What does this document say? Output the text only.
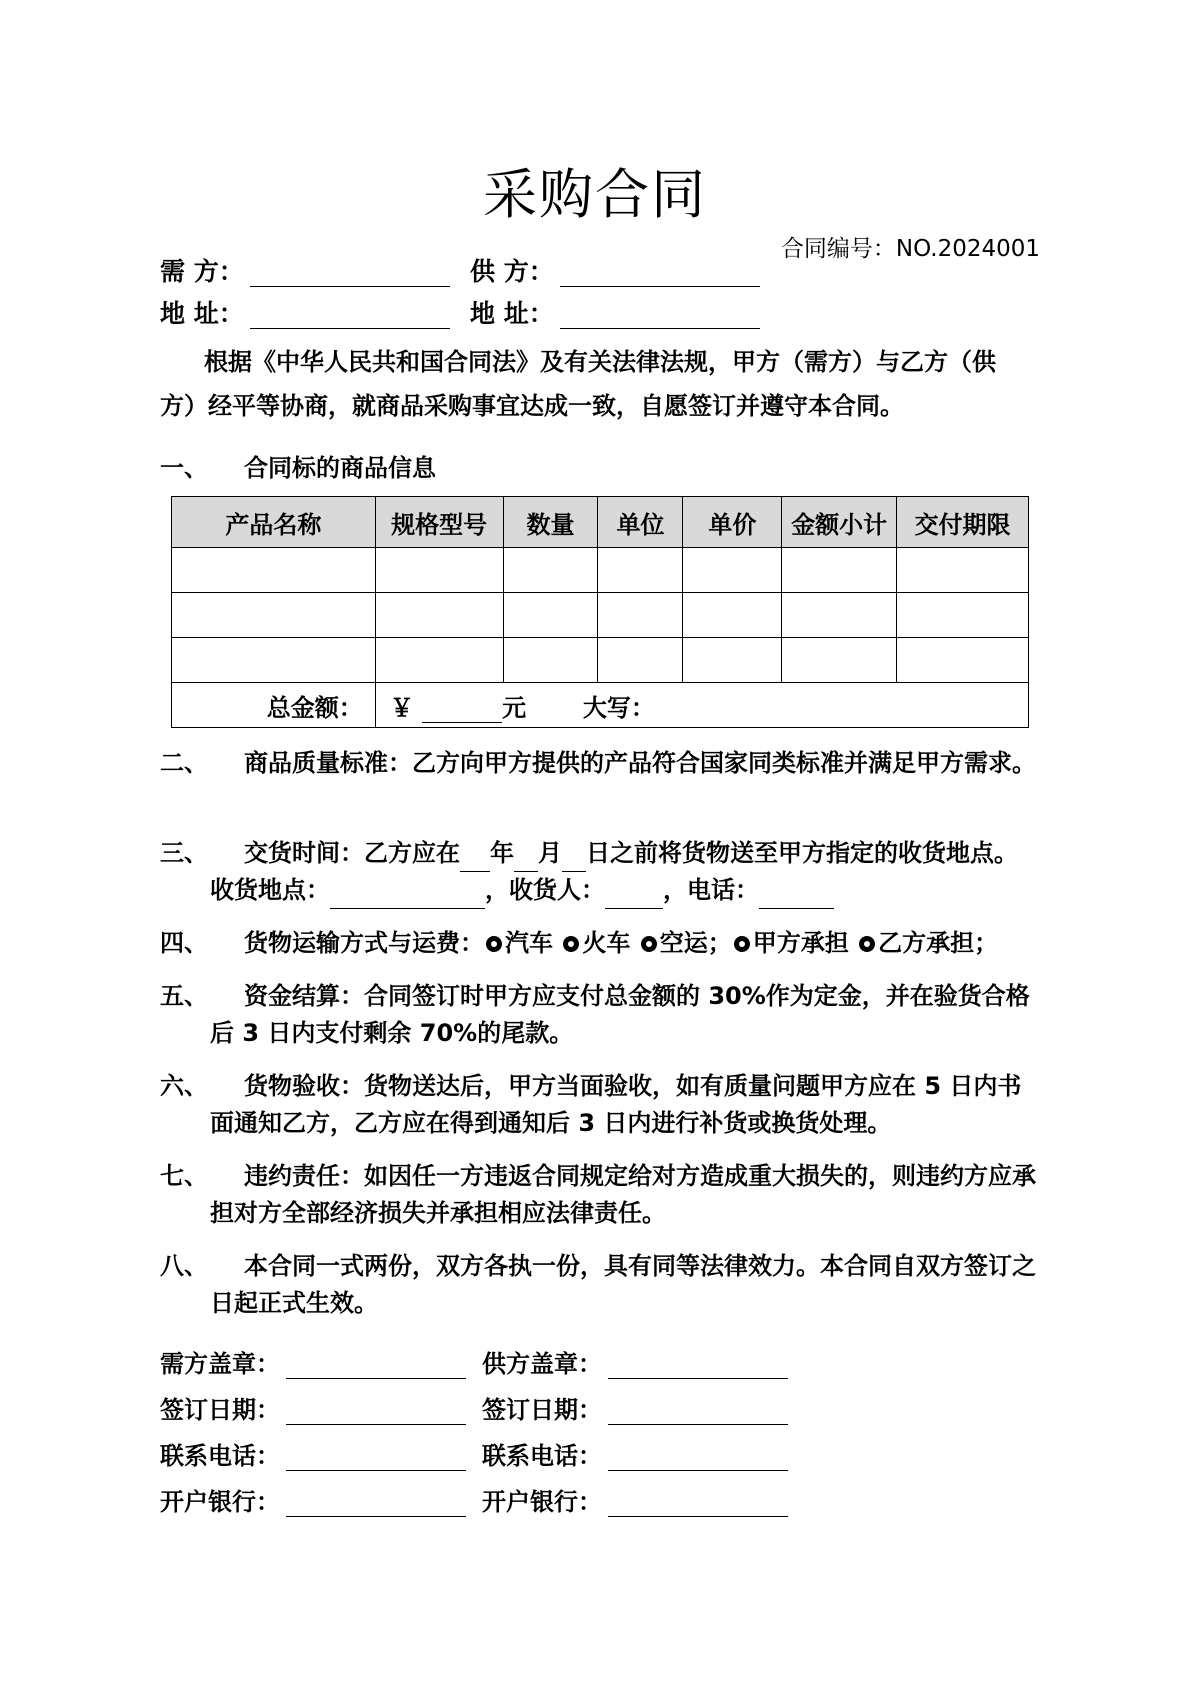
采购合同
合同编号：NO.2024001
需 方：	供 方：
地 址：	地 址：

根据《中华人民共和国合同法》及有关法律法规，甲方（需方）与乙方（供

方）经平等协商，就商品采购事宜达成一致，自愿签订并遵守本合同。

一、 合同标的商品信息
产品名称	规格型号	数量	单位	单价	金额小计	交付期限

总金额：	￥ 元 大写：					
二、	商品质量标准：乙方向甲方提供的产品符合国家同类标准并满足甲方需求。
三、	交货时间：乙方应在 年 月 日之前将货物送至甲方指定的收货地点。
收货地点：	，收货人： ，电话：
四、	货物运输方式与运费： 汽车 火车 空运； 甲方承担 乙方承担；
五、	资金结算：合同签订时甲方应支付总金额的 30%作为定金，并在验货合格后 3 日内支付剩余 70%的尾款。
六、	货物验收：货物送达后，甲方当面验收，如有质量问题甲方应在 5 日内书面通知乙方，乙方应在得到通知后 3 日内进行补货或换货处理。
七、	违约责任：如因任一方违返合同规定给对方造成重大损失的，则违约方应承担对方全部经济损失并承担相应法律责任。
八、	本合同一式两份，双方各执一份，具有同等法律效力。本合同自双方签订之日起正式生效。
需方盖章：	供方盖章：
签订日期：	签订日期：
联系电话：	联系电话：
开户银行：	开户银行：
